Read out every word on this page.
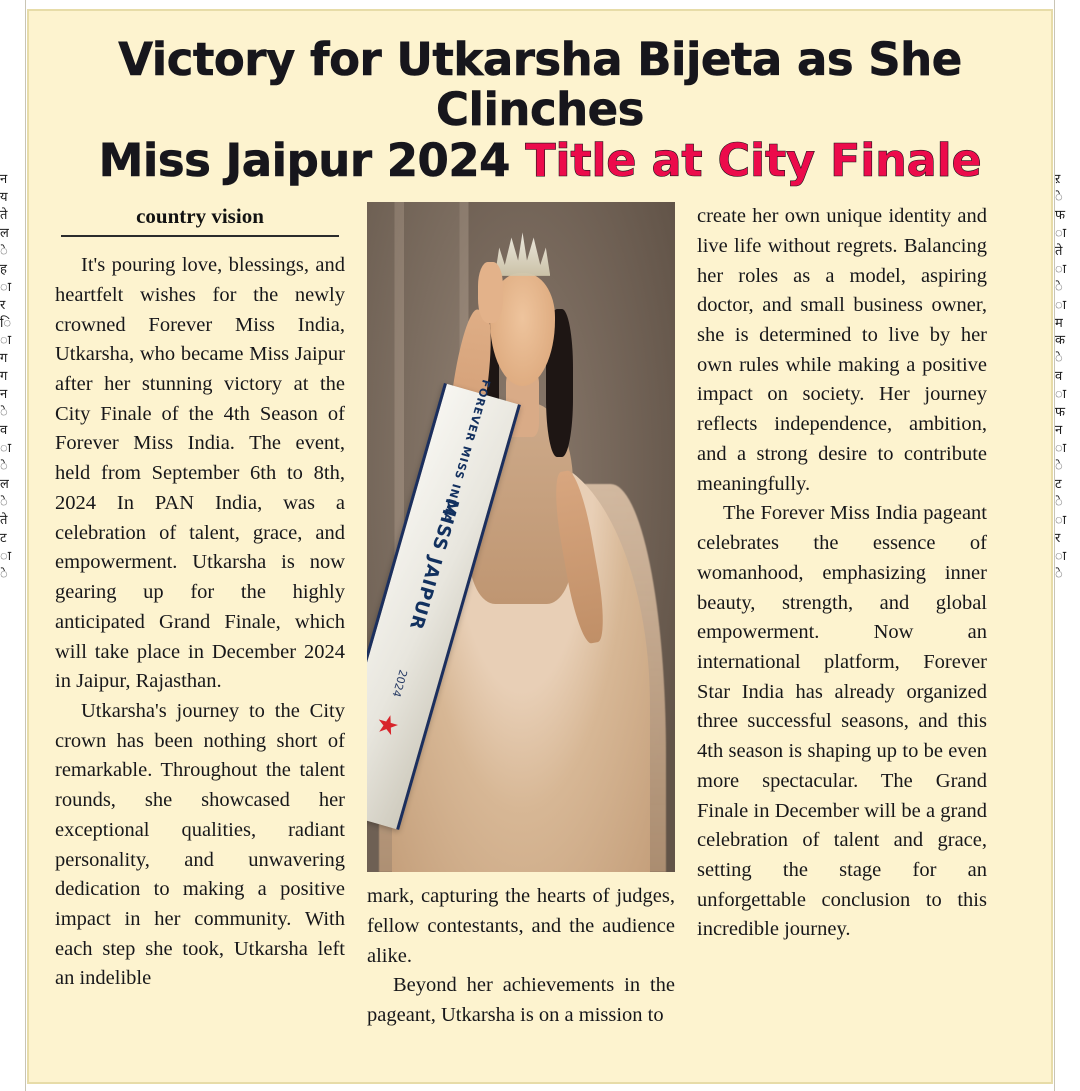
न
य
ते
ल
े
ह
ा
र
ि
ा
ग
ग
न
े
व
ा
े
ल
े
ते
ट
ा
े
ऱ
े
फ
ा
ते
ा
े
ा
म
क
े
व
ा
फ
न
ा
े
ट
े
ा
र
ा
े
Victory for Utkarsha Bijeta as She Clinches
Miss Jaipur 2024 Title at City Finale
country vision

It's pouring love, blessings, and heartfelt wishes for the newly crowned Forever Miss India, Utkarsha, who became Miss Jaipur after her stunning victory at the City Finale of the 4th Season of Forever Miss India. The event, held from September 6th to 8th, 2024 In PAN India, was a celebration of talent, grace, and empowerment. Utkarsha is now gearing up for the highly anticipated Grand Finale, which will take place in December 2024 in Jaipur, Rajasthan.

Utkarsha's journey to the City crown has been nothing short of remarkable. Throughout the talent rounds, she showcased her exceptional qualities, radiant personality, and unwavering dedication to making a positive impact in her community. With each step she took, Utkarsha left an indelible

FOREVER MISS INDIA
MISS JAIPUR
2024
★

mark, capturing the hearts of judges, fellow contestants, and the audience alike.

Beyond her achievements in the pageant, Utkarsha is on a mission to

create her own unique identity and live life without regrets. Balancing her roles as a model, aspiring doctor, and small business owner, she is determined to live by her own rules while making a positive impact on society. Her journey reflects independence, ambition, and a strong desire to contribute meaningfully.

The Forever Miss India pageant celebrates the essence of womanhood, emphasizing inner beauty, strength, and global empowerment. Now an international platform, Forever Star India has already organized three successful seasons, and this 4th season is shaping up to be even more spectacular. The Grand Finale in December will be a grand celebration of talent and grace, setting the stage for an unforgettable conclusion to this incredible journey.
